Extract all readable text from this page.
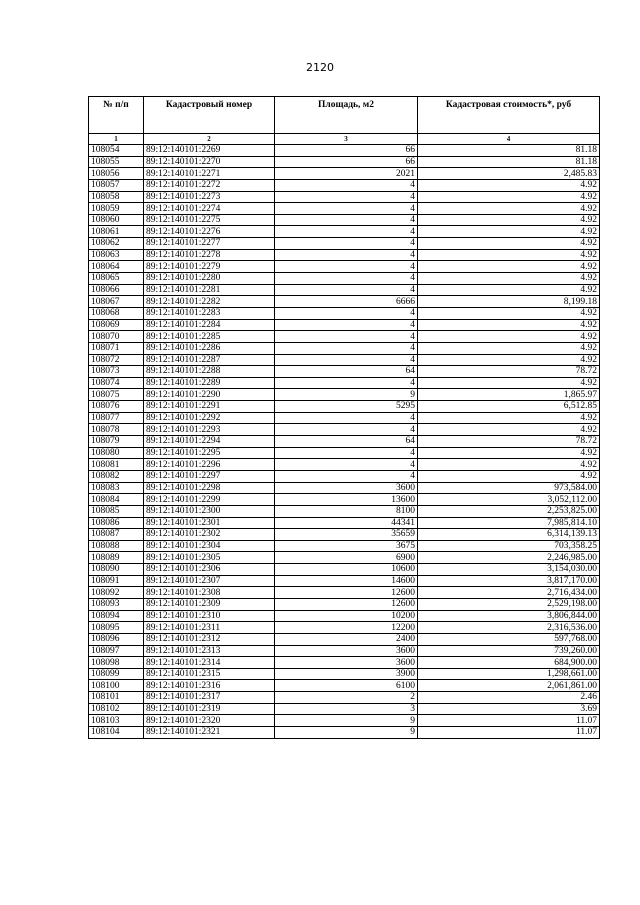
2120
№ п/п	Кадастровый номер	Площадь, м2	Кадастровая стоимость*, руб
1	2	3	4
108054	89:12:140101:2269	66	81.18
108055	89:12:140101:2270	66	81.18
108056	89:12:140101:2271	2021	2,485.83
108057	89:12:140101:2272	4	4.92
108058	89:12:140101:2273	4	4.92
108059	89:12:140101:2274	4	4.92
108060	89:12:140101:2275	4	4.92
108061	89:12:140101:2276	4	4.92
108062	89:12:140101:2277	4	4.92
108063	89:12:140101:2278	4	4.92
108064	89:12:140101:2279	4	4.92
108065	89:12:140101:2280	4	4.92
108066	89:12:140101:2281	4	4.92
108067	89:12:140101:2282	6666	8,199.18
108068	89:12:140101:2283	4	4.92
108069	89:12:140101:2284	4	4.92
108070	89:12:140101:2285	4	4.92
108071	89:12:140101:2286	4	4.92
108072	89:12:140101:2287	4	4.92
108073	89:12:140101:2288	64	78.72
108074	89:12:140101:2289	4	4.92
108075	89:12:140101:2290	9	1,865.97
108076	89:12:140101:2291	5295	6,512.85
108077	89:12:140101:2292	4	4.92
108078	89:12:140101:2293	4	4.92
108079	89:12:140101:2294	64	78.72
108080	89:12:140101:2295	4	4.92
108081	89:12:140101:2296	4	4.92
108082	89:12:140101:2297	4	4.92
108083	89:12:140101:2298	3600	973,584.00
108084	89:12:140101:2299	13600	3,052,112.00
108085	89:12:140101:2300	8100	2,253,825.00
108086	89:12:140101:2301	44341	7,985,814.10
108087	89:12:140101:2302	35659	6,314,139.13
108088	89:12:140101:2304	3675	703,358.25
108089	89:12:140101:2305	6900	2,246,985.00
108090	89:12:140101:2306	10600	3,154,030.00
108091	89:12:140101:2307	14600	3,817,170.00
108092	89:12:140101:2308	12600	2,716,434.00
108093	89:12:140101:2309	12600	2,529,198.00
108094	89:12:140101:2310	10200	3,806,844.00
108095	89:12:140101:2311	12200	2,316,536.00
108096	89:12:140101:2312	2400	597,768.00
108097	89:12:140101:2313	3600	739,260.00
108098	89:12:140101:2314	3600	684,900.00
108099	89:12:140101:2315	3900	1,298,661.00
108100	89:12:140101:2316	6100	2,061,861.00
108101	89:12:140101:2317	2	2.46
108102	89:12:140101:2319	3	3.69
108103	89:12:140101:2320	9	11.07
108104	89:12:140101:2321	9	11.07
